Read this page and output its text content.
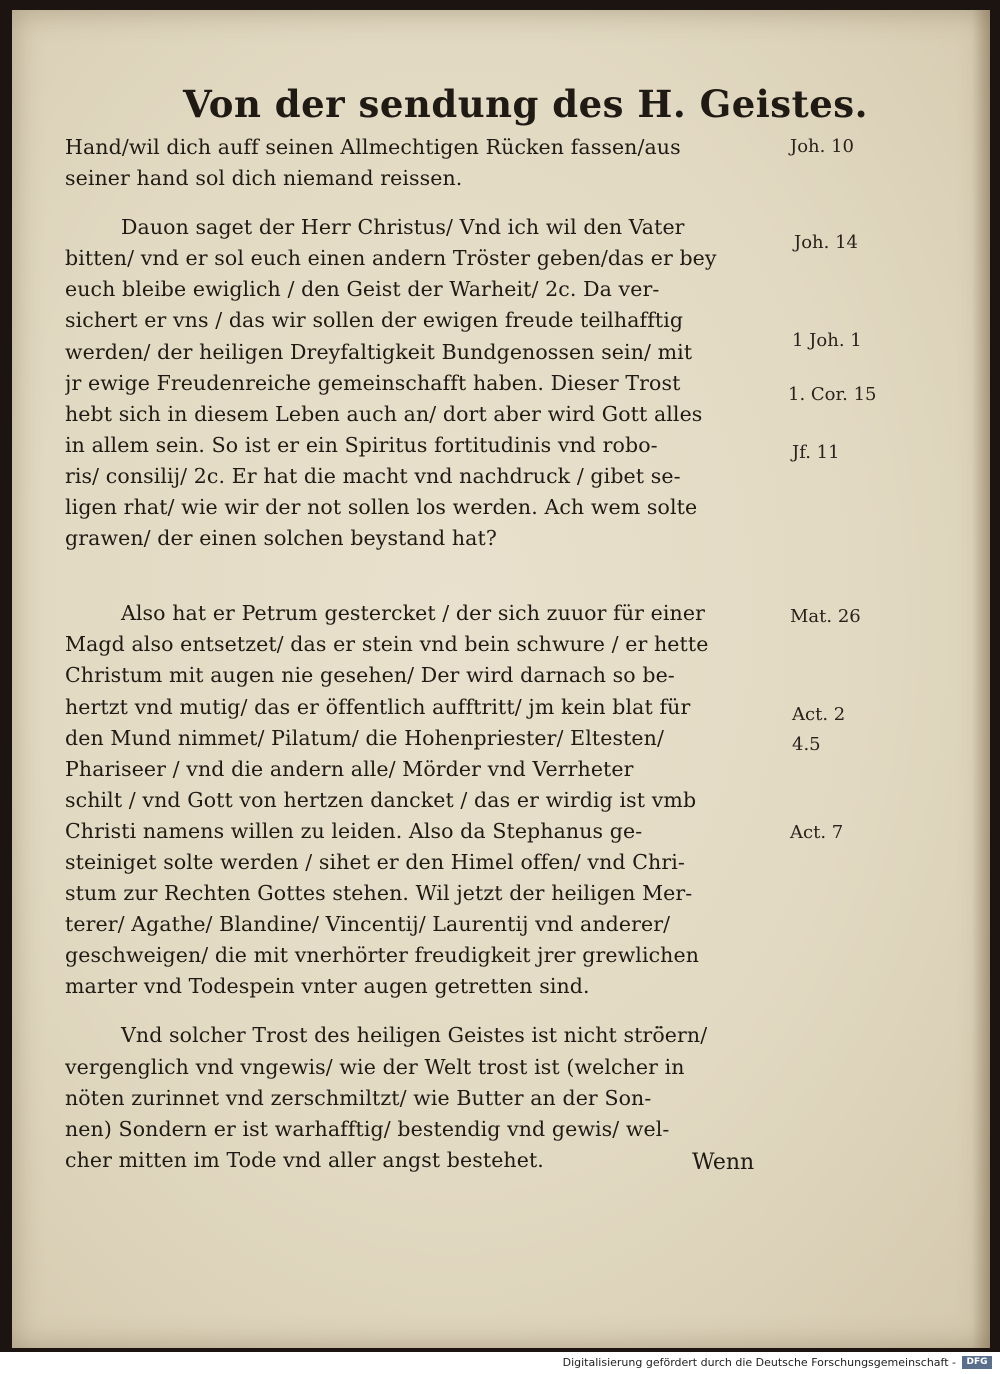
Von der sendung des H. Geistes.
Hand/wil dich auff seinen Allmechtigen Rücken fassen/aus
seiner hand sol dich niemand reissen.
Dauon saget der Herr Christus/ Vnd ich wil den Vater
bitten/ vnd er sol euch einen andern Tröster geben/das er bey
euch bleibe ewiglich / den Geist der Warheit/ 2c. Da ver-
sichert er vns / das wir sollen der ewigen freude teilhafftig
werden/ der heiligen Dreyfaltigkeit Bundgenossen sein/ mit
jr ewige Freudenreiche gemeinschafft haben. Dieser Trost
hebt sich in diesem Leben auch an/ dort aber wird Gott alles
in allem sein. So ist er ein Spiritus fortitudinis vnd robo-
ris/ consilij/ 2c. Er hat die macht vnd nachdruck / gibet se-
ligen rhat/ wie wir der not sollen los werden. Ach wem solte
grawen/ der einen solchen beystand hat?
Also hat er Petrum gestercket / der sich zuuor für einer
Magd also entsetzet/ das er stein vnd bein schwure / er hette
Christum mit augen nie gesehen/ Der wird darnach so be-
hertzt vnd mutig/ das er öffentlich aufftritt/ jm kein blat für
den Mund nimmet/ Pilatum/ die Hohenpriester/ Eltesten/
Phariseer / vnd die andern alle/ Mörder vnd Verrheter
schilt / vnd Gott von hertzen dancket / das er wirdig ist vmb
Christi namens willen zu leiden. Also da Stephanus ge-
steiniget solte werden / sihet er den Himel offen/ vnd Chri-
stum zur Rechten Gottes stehen. Wil jetzt der heiligen Mer-
terer/ Agathe/ Blandine/ Vincentij/ Laurentij vnd anderer/
geschweigen/ die mit vnerhörter freudigkeit jrer grewlichen
marter vnd Todespein vnter augen getretten sind.
Vnd solcher Trost des heiligen Geistes ist nicht strö̈ern/
vergenglich vnd vngewis/ wie der Welt trost ist (welcher in
nöten zurinnet vnd zerschmiltzt/ wie Butter an der Son-
nen) Sondern er ist warhafftig/ bestendig vnd gewis/ wel-
cher mitten im Tode vnd aller angst bestehet.
Joh. 10
Joh. 14
1 Joh. 1
1. Cor. 15
Jf. 11
Mat. 26
Act. 2
4.5
Act. 7
Wenn
Digitalisierung gefördert durch die Deutsche Forschungsgemeinschaft -	DFG
